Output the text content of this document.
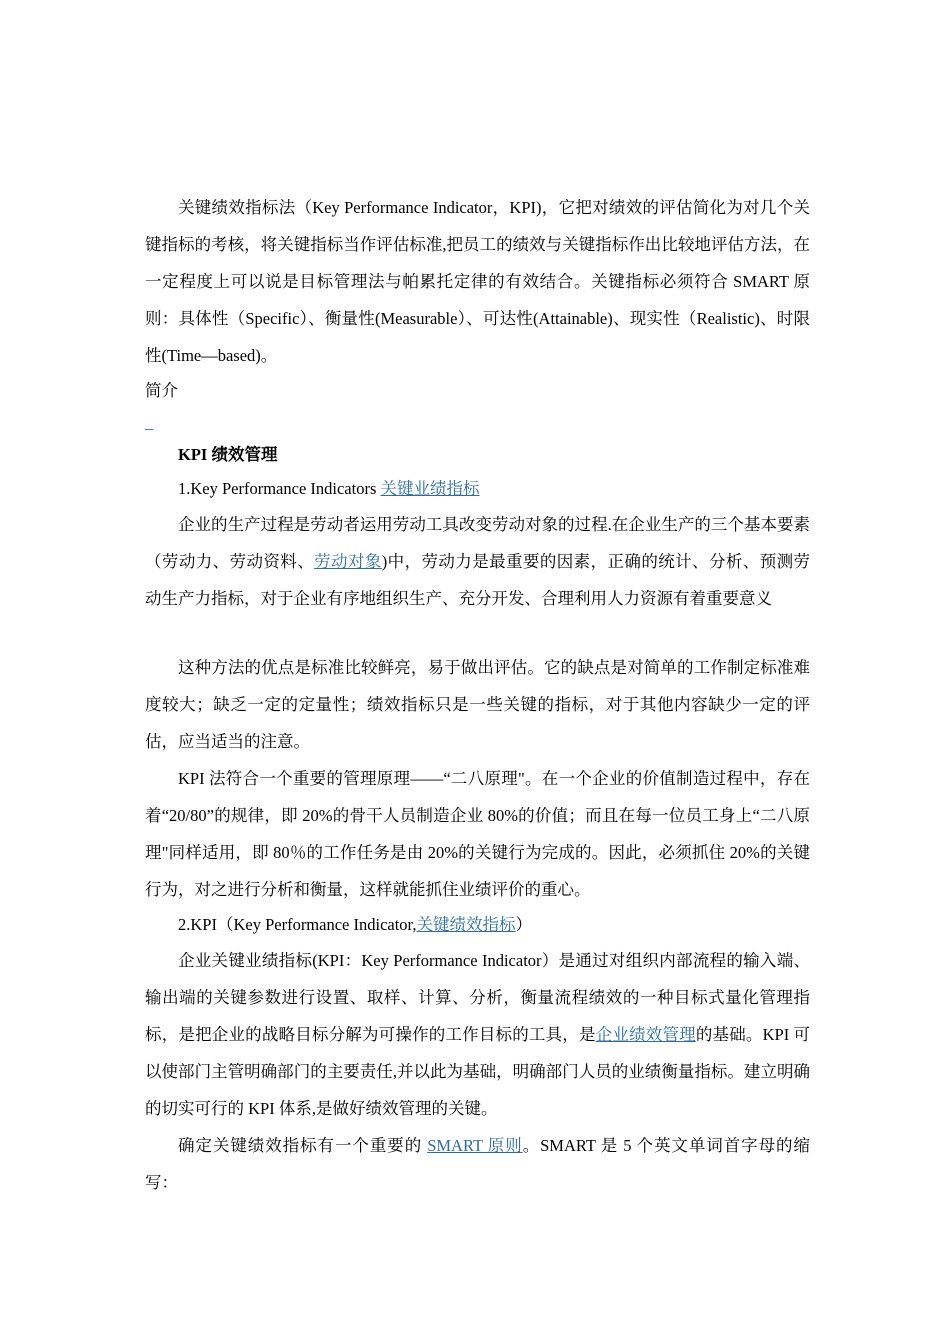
关键绩效指标法（Key Performance Indicator，KPI)，它把对绩效的评估简化为对几个关键指标的考核，将关键指标当作评估标准,把员工的绩效与关键指标作出比较地评估方法，在一定程度上可以说是目标管理法与帕累托定律的有效结合。关键指标必须符合 SMART 原则：具体性（Specific）、衡量性(Measurable）、可达性(Attainable)、现实性（Realistic)、时限性(Time—based)。

简介

_

KPI 绩效管理

1.Key Performance Indicators 关键业绩指标

企业的生产过程是劳动者运用劳动工具改变劳动对象的过程.在企业生产的三个基本要素（劳动力、劳动资料、劳动对象)中，劳动力是最重要的因素，正确的统计、分析、预测劳动生产力指标，对于企业有序地组织生产、充分开发、合理利用人力资源有着重要意义

这种方法的优点是标准比较鲜亮，易于做出评估。它的缺点是对简单的工作制定标准难度较大；缺乏一定的定量性；绩效指标只是一些关键的指标，对于其他内容缺少一定的评估，应当适当的注意。

KPI 法符合一个重要的管理原理——“二八原理"。在一个企业的价值制造过程中，存在着“20/80”的规律，即 20%的骨干人员制造企业 80%的价值；而且在每一位员工身上“二八原理"同样适用，即 80％的工作任务是由 20%的关键行为完成的。因此，必须抓住 20%的关键行为，对之进行分析和衡量，这样就能抓住业绩评价的重心。

2.KPI（Key Performance Indicator,关键绩效指标）

企业关键业绩指标(KPI：Key Performance Indicator）是通过对组织内部流程的输入端、输出端的关键参数进行设置、取样、计算、分析，衡量流程绩效的一种目标式量化管理指标，是把企业的战略目标分解为可操作的工作目标的工具，是企业绩效管理的基础。KPI 可以使部门主管明确部门的主要责任,并以此为基础，明确部门人员的业绩衡量指标。建立明确的切实可行的 KPI 体系,是做好绩效管理的关键。

确定关键绩效指标有一个重要的 SMART 原则。SMART 是 5 个英文单词首字母的缩写：
